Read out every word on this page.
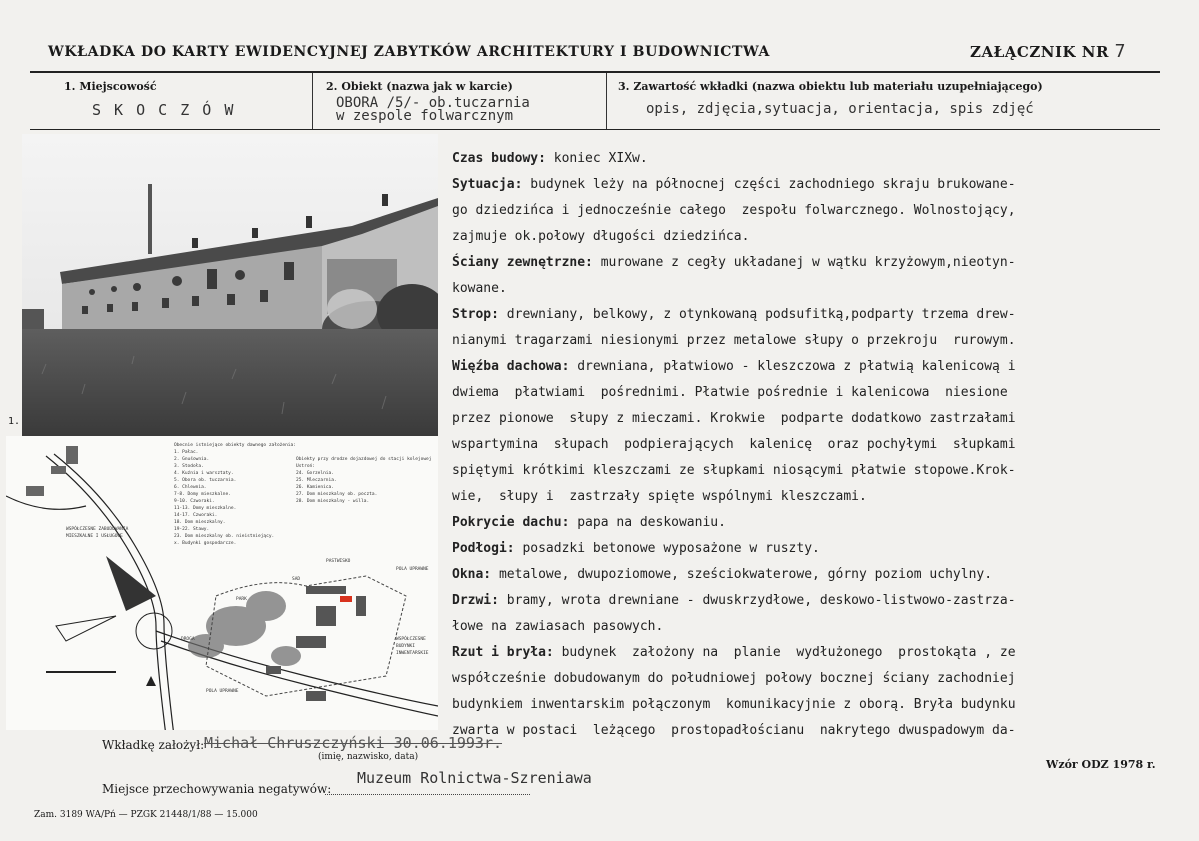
WKŁADKA DO KARTY EWIDENCYJNEJ ZABYTKÓW ARCHITEKTURY I BUDOWNICTWA	ZAŁĄCZNIK NR 7
1. Miejscowość
S K O C Z Ó W
2. Obiekt (nazwa jak w karcie)
OBORA /5/- ob.tuczarnia
w zespole folwarcznym
3. Zawartość wkładki (nazwa obiektu lub materiału uzupełniającego)
opis, zdjęcia,sytuacja, orientacja, spis zdjęć
1.
Obecnie istniejące obiekty dawnego założenia:
1. Pałac.
2. Gnuśownia.
3. Stodoła.
4. Kuźnia i warsztaty.
5. Obora ob. tuczarnia.
6. Chlewnia.
7-8. Domy mieszkalne.
9-10. Czworaki.
11-13. Domy mieszkalne.
14-17. Czworaki.
18. Dom mieszkalny.
19-22. Stawy.
23. Dom mieszkalny ob. nieistniejący.
x. Budynki gospodarcze.
Obiekty przy drodze dojazdowej do stacji kolejowej Ustroń:
24. Gorzelnia.
25. Mleczarnia.
26. Kamienica.
27. Dom mieszkalny ob. poczta.
28. Dom mieszkalny - willa.
WSPÓŁCZESNE ZABUDOWANIA MIESZKALNE I USŁUGOWE
PASTWISKO
POLA UPRAWNE
SAD
PARK
WSPÓŁCZESNE BUDYNKI INWENTARSKIE
POLA UPRAWNE
DROGA
Czas budowy: koniec XIXw.
Sytuacja: budynek leży na północnej części zachodniego skraju brukowane-
go dziedzińca i jednocześnie całego  zespołu folwarcznego. Wolnostojący,
zajmuje ok.połowy długości dziedzińca.
Ściany zewnętrzne: murowane z cegły układanej w wątku krzyżowym,nieotyn-
kowane.
Strop: drewniany, belkowy, z otynkowaną podsufitką,podparty trzema drew-
nianymi tragarzami niesionymi przez metalowe słupy o przekroju  rurowym.
Więźba dachowa: drewniana, płatwiowo - kleszczowa z płatwią kalenicową i
dwiema  płatwiami  pośrednimi. Płatwie pośrednie i kalenicowa  niesione
przez pionowe  słupy z mieczami. Krokwie  podparte dodatkowo zastrzałami
wspartymina  słupach  podpierających  kalenicę  oraz pochyłymi  słupkami
spiętymi krótkimi kleszczami ze słupkami niosącymi płatwie stopowe.Krok-
wie,  słupy i  zastrzały spięte wspólnymi kleszczami.
Pokrycie dachu: papa na deskowaniu.
Podłogi: posadzki betonowe wyposażone w ruszty.
Okna: metalowe, dwupoziomowe, sześciokwaterowe, górny poziom uchylny.
Drzwi: bramy, wrota drewniane - dwuskrzydłowe, deskowo-listwowo-zastrza-
łowe na zawiasach pasowych.
Rzut i bryła: budynek  założony na  planie  wydłużonego  prostokąta , ze
współcześnie dobudowanym do południowej połowy bocznej ściany zachodniej
budynkiem inwentarskim połączonym  komunikacyjnie z oborą. Bryła budynku
zwarta w postaci  leżącego  prostopadłościanu  nakrytego dwuspadowym da-
Wkładkę założył: Michał Chruszczyński 30.06.1993r.
(imię, nazwisko, data)
Miejsce przechowywania negatywów:
Muzeum Rolnictwa-Szreniawa
Wzór ODZ 1978 r.
Zam. 3189 WA/Pń — PZGK 21448/1/88 — 15.000
